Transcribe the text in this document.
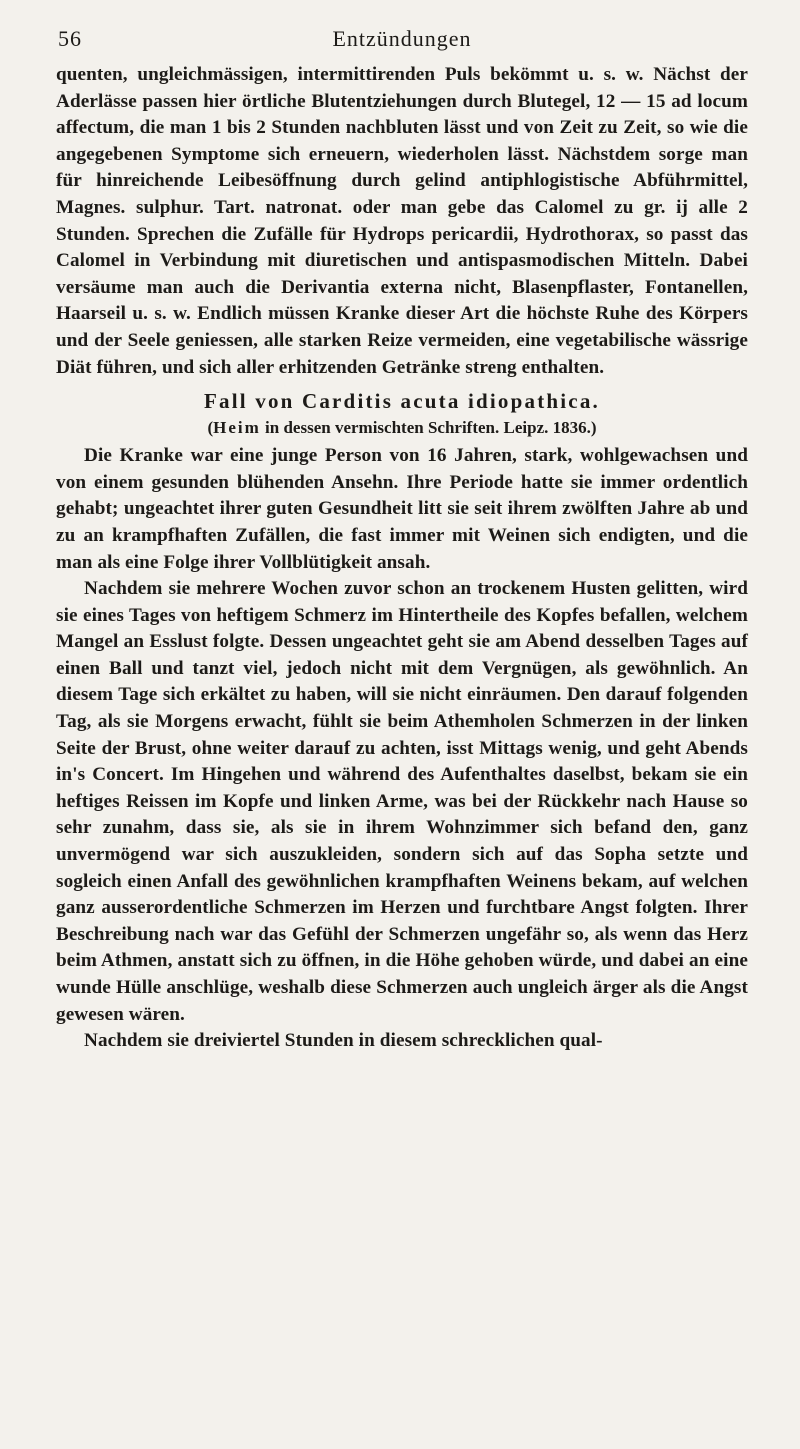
56	Entzündungen

quenten, ungleichmässigen, intermittirenden Puls bekömmt u. s. w. Nächst der Aderlässe passen hier örtliche Blutentziehungen durch Blutegel, 12 — 15 ad locum affectum, die man 1 bis 2 Stunden nachbluten lässt und von Zeit zu Zeit, so wie die angegebenen Symptome sich erneuern, wiederholen lässt. Nächstdem sorge man für hinreichende Leibesöffnung durch gelind antiphlogistische Abführmittel, Magnes. sulphur. Tart. natronat. oder man gebe das Calomel zu gr. ij alle 2 Stunden. Sprechen die Zufälle für Hydrops pericardii, Hydrothorax, so passt das Calomel in Verbindung mit diuretischen und antispasmodischen Mitteln. Dabei versäume man auch die Derivantia externa nicht, Blasenpflaster, Fontanellen, Haarseil u. s. w. Endlich müssen Kranke dieser Art die höchste Ruhe des Körpers und der Seele geniessen, alle starken Reize vermeiden, eine vegetabilische wässrige Diät führen, und sich aller erhitzenden Getränke streng enthalten.

Fall von Carditis acuta idiopathica.
(Heim in dessen vermischten Schriften. Leipz. 1836.)

Die Kranke war eine junge Person von 16 Jahren, stark, wohlgewachsen und von einem gesunden blühenden Ansehn. Ihre Periode hatte sie immer ordentlich gehabt; ungeachtet ihrer guten Gesundheit litt sie seit ihrem zwölften Jahre ab und zu an krampfhaften Zufällen, die fast immer mit Weinen sich endigten, und die man als eine Folge ihrer Vollblütigkeit ansah.

Nachdem sie mehrere Wochen zuvor schon an trockenem Husten gelitten, wird sie eines Tages von heftigem Schmerz im Hintertheile des Kopfes befallen, welchem Mangel an Esslust folgte. Dessen ungeachtet geht sie am Abend desselben Tages auf einen Ball und tanzt viel, jedoch nicht mit dem Vergnügen, als gewöhnlich. An diesem Tage sich erkältet zu haben, will sie nicht einräumen. Den darauf folgenden Tag, als sie Morgens erwacht, fühlt sie beim Athemholen Schmerzen in der linken Seite der Brust, ohne weiter darauf zu achten, isst Mittags wenig, und geht Abends in's Concert. Im Hingehen und während des Aufenthaltes daselbst, bekam sie ein heftiges Reissen im Kopfe und linken Arme, was bei der Rückkehr nach Hause so sehr zunahm, dass sie, als sie in ihrem Wohnzimmer sich befand den, ganz unvermögend war sich auszukleiden, sondern sich auf das Sopha setzte und sogleich einen Anfall des gewöhnlichen krampfhaften Weinens bekam, auf welchen ganz ausserordentliche Schmerzen im Herzen und furchtbare Angst folgten. Ihrer Beschreibung nach war das Gefühl der Schmerzen ungefähr so, als wenn das Herz beim Athmen, anstatt sich zu öffnen, in die Höhe gehoben würde, und dabei an eine wunde Hülle anschlüge, weshalb diese Schmerzen auch ungleich ärger als die Angst gewesen wären.

Nachdem sie dreiviertel Stunden in diesem schrecklichen qual-
